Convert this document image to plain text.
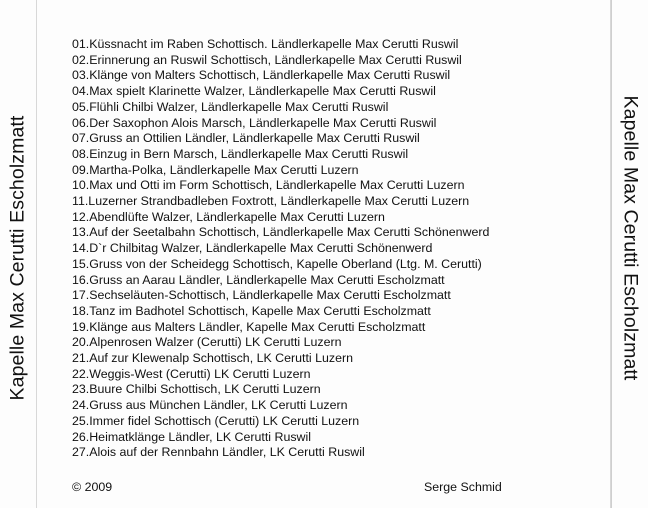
Kapelle Max Cerutti Escholzmatt
01.Küssnacht im Raben Schottisch. Ländlerkapelle Max Cerutti Ruswil
02.Erinnerung an Ruswil Schottisch, Ländlerkapelle Max Cerutti Ruswil
03.Klänge von Malters Schottisch, Ländlerkapelle Max Cerutti Ruswil
04.Max spielt Klarinette Walzer, Ländlerkapelle Max Cerutti Ruswil
05.Flühli Chilbi Walzer, Ländlerkapelle Max Cerutti Ruswil
06.Der Saxophon Alois Marsch, Ländlerkapelle Max Cerutti Ruswil
07.Gruss an Ottilien Ländler, Ländlerkapelle Max Cerutti Ruswil
08.Einzug in Bern Marsch, Ländlerkapelle Max Cerutti Ruswil
09.Martha-Polka, Ländlerkapelle Max Cerutti Luzern
10.Max und Otti im Form Schottisch, Ländlerkapelle Max Cerutti Luzern
11.Luzerner Strandbadleben Foxtrott, Ländlerkapelle Max Cerutti Luzern
12.Abendlüfte Walzer, Ländlerkapelle Max Cerutti Luzern
13.Auf der Seetalbahn Schottisch, Ländlerkapelle Max Cerutti Schönenwerd
14.D`r Chilbitag Walzer, Ländlerkapelle Max Cerutti Schönenwerd
15.Gruss von der Scheidegg Schottisch, Kapelle Oberland (Ltg. M. Cerutti)
16.Gruss an Aarau Ländler, Ländlerkapelle Max Cerutti Escholzmatt
17.Sechseläuten-Schottisch, Ländlerkapelle Max Cerutti Escholzmatt
18.Tanz im Badhotel Schottisch, Kapelle Max Cerutti Escholzmatt
19.Klänge aus Malters Ländler, Kapelle Max Cerutti Escholzmatt
20.Alpenrosen Walzer (Cerutti) LK Cerutti Luzern
21.Auf zur Klewenalp Schottisch, LK Cerutti Luzern
22.Weggis-West (Cerutti) LK Cerutti Luzern
23.Buure Chilbi Schottisch, LK Cerutti Luzern
24.Gruss aus München Ländler, LK Cerutti Luzern
25.Immer fidel Schottisch (Cerutti) LK Cerutti Luzern
26.Heimatklänge Ländler, LK Cerutti Ruswil
27.Alois auf der Rennbahn Ländler, LK Cerutti Ruswil
© 2009	Serge Schmid
Kapelle Max Cerutti Escholzmatt
